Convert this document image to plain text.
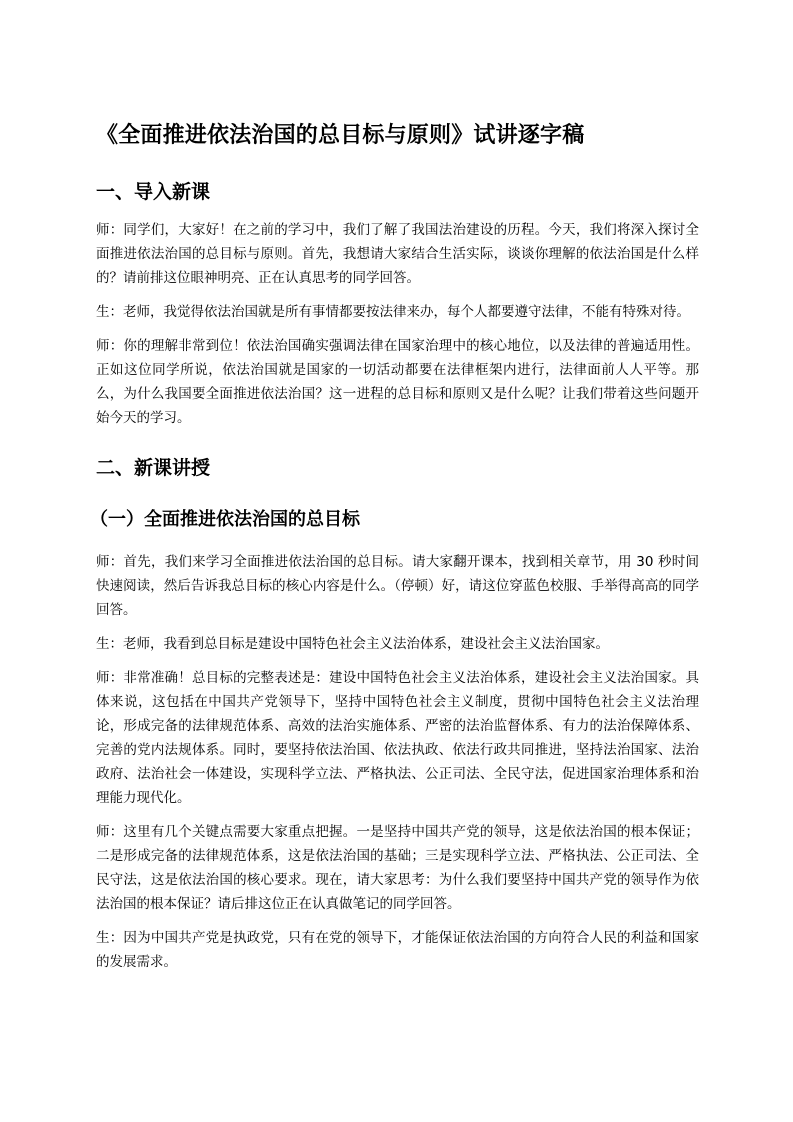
《全面推进依法治国的总目标与原则》试讲逐字稿
一、导入新课

师：同学们，大家好！在之前的学习中，我们了解了我国法治建设的历程。今天，我们将深入探讨全面推进依法治国的总目标与原则。首先，我想请大家结合生活实际，谈谈你理解的依法治国是什么样的？请前排这位眼神明亮、正在认真思考的同学回答。

生：老师，我觉得依法治国就是所有事情都要按法律来办，每个人都要遵守法律，不能有特殊对待。

师：你的理解非常到位！依法治国确实强调法律在国家治理中的核心地位，以及法律的普遍适用性。正如这位同学所说，依法治国就是国家的一切活动都要在法律框架内进行，法律面前人人平等。那么，为什么我国要全面推进依法治国？这一进程的总目标和原则又是什么呢？让我们带着这些问题开始今天的学习。

二、新课讲授
（一）全面推进依法治国的总目标

师：首先，我们来学习全面推进依法治国的总目标。请大家翻开课本，找到相关章节，用 30 秒时间快速阅读，然后告诉我总目标的核心内容是什么。（停顿）好，请这位穿蓝色校服、手举得高高的同学回答。

生：老师，我看到总目标是建设中国特色社会主义法治体系，建设社会主义法治国家。

师：非常准确！总目标的完整表述是：建设中国特色社会主义法治体系，建设社会主义法治国家。具体来说，这包括在中国共产党领导下，坚持中国特色社会主义制度，贯彻中国特色社会主义法治理论，形成完备的法律规范体系、高效的法治实施体系、严密的法治监督体系、有力的法治保障体系、完善的党内法规体系。同时，要坚持依法治国、依法执政、依法行政共同推进，坚持法治国家、法治政府、法治社会一体建设，实现科学立法、严格执法、公正司法、全民守法，促进国家治理体系和治理能力现代化。

师：这里有几个关键点需要大家重点把握。一是坚持中国共产党的领导，这是依法治国的根本保证；二是形成完备的法律规范体系，这是依法治国的基础；三是实现科学立法、严格执法、公正司法、全民守法，这是依法治国的核心要求。现在，请大家思考：为什么我们要坚持中国共产党的领导作为依法治国的根本保证？请后排这位正在认真做笔记的同学回答。

生：因为中国共产党是执政党，只有在党的领导下，才能保证依法治国的方向符合人民的利益和国家的发展需求。
